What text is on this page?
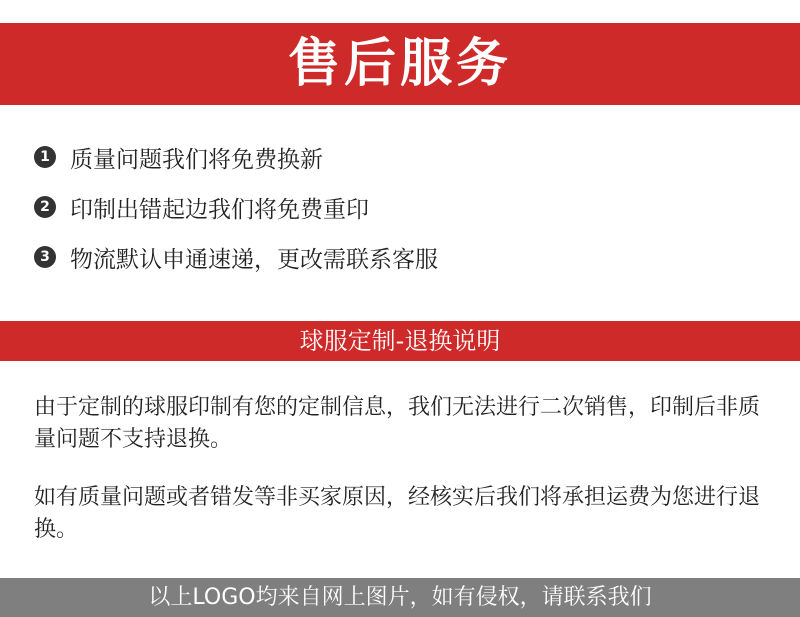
售后服务
1 质量问题我们将免费换新
2 印制出错起边我们将免费重印
3 物流默认申通速递，更改需联系客服
球服定制-退换说明

由于定制的球服印制有您的定制信息，我们无法进行二次销售，印制后非质量问题不支持退换。

如有质量问题或者错发等非买家原因，经核实后我们将承担运费为您进行退换。

以上LOGO均来自网上图片，如有侵权，请联系我们
